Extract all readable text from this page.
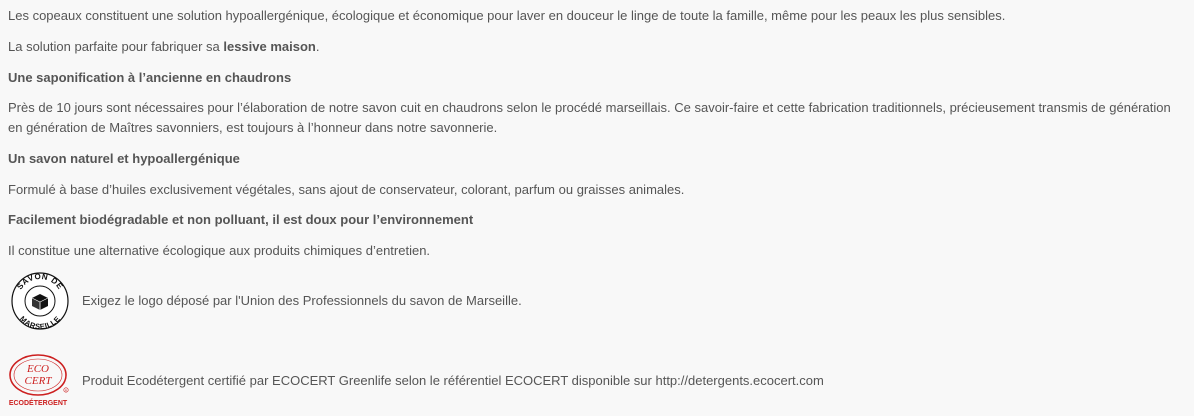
Les copeaux constituent une solution hypoallergénique, écologique et économique pour laver en douceur le linge de toute la famille, même pour les peaux les plus sensibles.

La solution parfaite pour fabriquer sa lessive maison.

Une saponification à l’ancienne en chaudrons

Près de 10 jours sont nécessaires pour l’élaboration de notre savon cuit en chaudrons selon le procédé marseillais. Ce savoir-faire et cette fabrication traditionnels, précieusement transmis de génération en génération de Maîtres savonniers, est toujours à l’honneur dans notre savonnerie.

Un savon naturel et hypoallergénique

Formulé à base d’huiles exclusivement végétales, sans ajout de conservateur, colorant, parfum ou graisses animales.

Facilement biodégradable et non polluant, il est doux pour l’environnement

Il constitue une alternative écologique aux produits chimiques d’entretien.

SAVON DE
MARSEILLE
Exigez le logo déposé par l'Union des Professionnels du savon de Marseille.
ECO
CERT
R
ECODÉTERGENT
Produit Ecodétergent certifié par ECOCERT Greenlife selon le référentiel ECOCERT disponible sur http://detergents.ecocert.com
